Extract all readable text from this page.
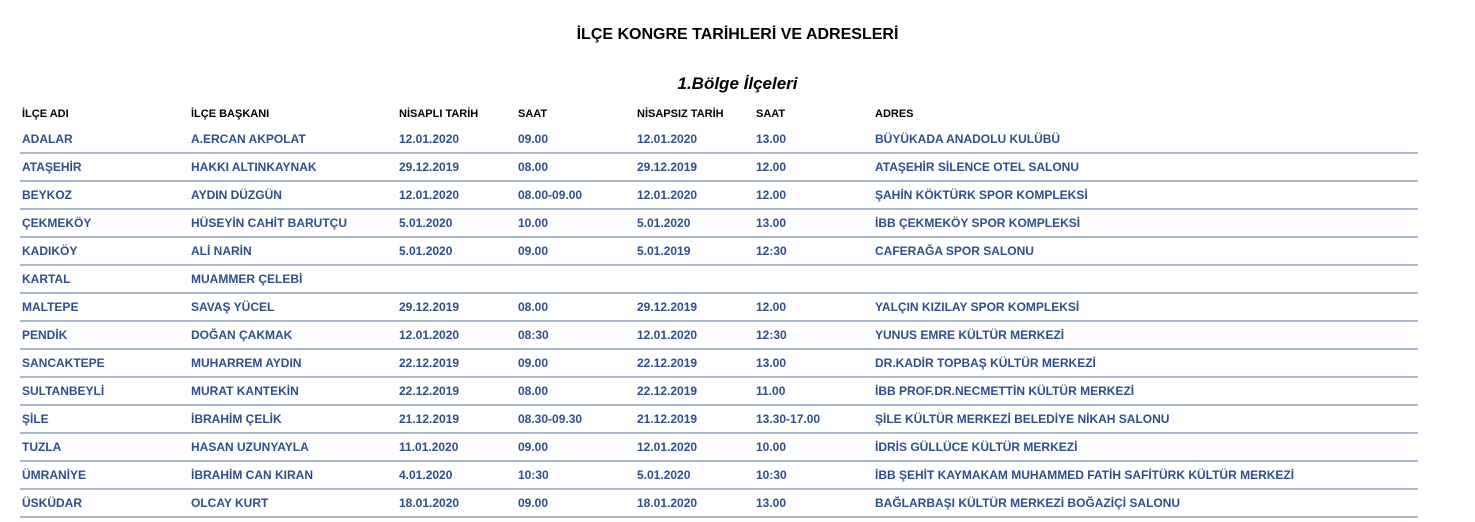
İLÇE KONGRE TARİHLERİ VE ADRESLERİ
1.Bölge İlçeleri
İLÇE ADI	İLÇE BAŞKANI	NİSAPLI TARİH	SAAT	NİSAPSIZ TARİH	SAAT	ADRES
ADALAR	A.ERCAN AKPOLAT	12.01.2020	09.00	12.01.2020	13.00	BÜYÜKADA ANADOLU KULÜBÜ
ATAŞEHİR	HAKKI ALTINKAYNAK	29.12.2019	08.00	29.12.2019	12.00	ATAŞEHİR SİLENCE OTEL SALONU
BEYKOZ	AYDIN DÜZGÜN	12.01.2020	08.00-09.00	12.01.2020	12.00	ŞAHİN KÖKTÜRK SPOR KOMPLEKSİ
ÇEKMEKÖY	HÜSEYİN CAHİT BARUTÇU	5.01.2020	10.00	5.01.2020	13.00	İBB ÇEKMEKÖY SPOR KOMPLEKSİ
KADIKÖY	ALİ NARİN	5.01.2020	09.00	5.01.2019	12:30	CAFERAĞA SPOR SALONU
KARTAL	MUAMMER ÇELEBİ
MALTEPE	SAVAŞ YÜCEL	29.12.2019	08.00	29.12.2019	12.00	YALÇIN KIZILAY SPOR KOMPLEKSİ
PENDİK	DOĞAN ÇAKMAK	12.01.2020	08:30	12.01.2020	12:30	YUNUS EMRE KÜLTÜR MERKEZİ
SANCAKTEPE	MUHARREM AYDIN	22.12.2019	09.00	22.12.2019	13.00	DR.KADİR TOPBAŞ KÜLTÜR MERKEZİ
SULTANBEYLİ	MURAT KANTEKİN	22.12.2019	08.00	22.12.2019	11.00	İBB PROF.DR.NECMETTİN KÜLTÜR MERKEZİ
ŞİLE	İBRAHİM ÇELİK	21.12.2019	08.30-09.30	21.12.2019	13.30-17.00	ŞİLE KÜLTÜR MERKEZİ BELEDİYE NİKAH SALONU
TUZLA	HASAN UZUNYAYLA	11.01.2020	09.00	12.01.2020	10.00	İDRİS GÜLLÜCE KÜLTÜR MERKEZİ
ÜMRANİYE	İBRAHİM CAN KIRAN	4.01.2020	10:30	5.01.2020	10:30	İBB ŞEHİT KAYMAKAM MUHAMMED FATİH SAFİTÜRK KÜLTÜR MERKEZİ
ÜSKÜDAR	OLCAY KURT	18.01.2020	09.00	18.01.2020	13.00	BAĞLARBAŞI KÜLTÜR MERKEZİ BOĞAZİÇİ SALONU
